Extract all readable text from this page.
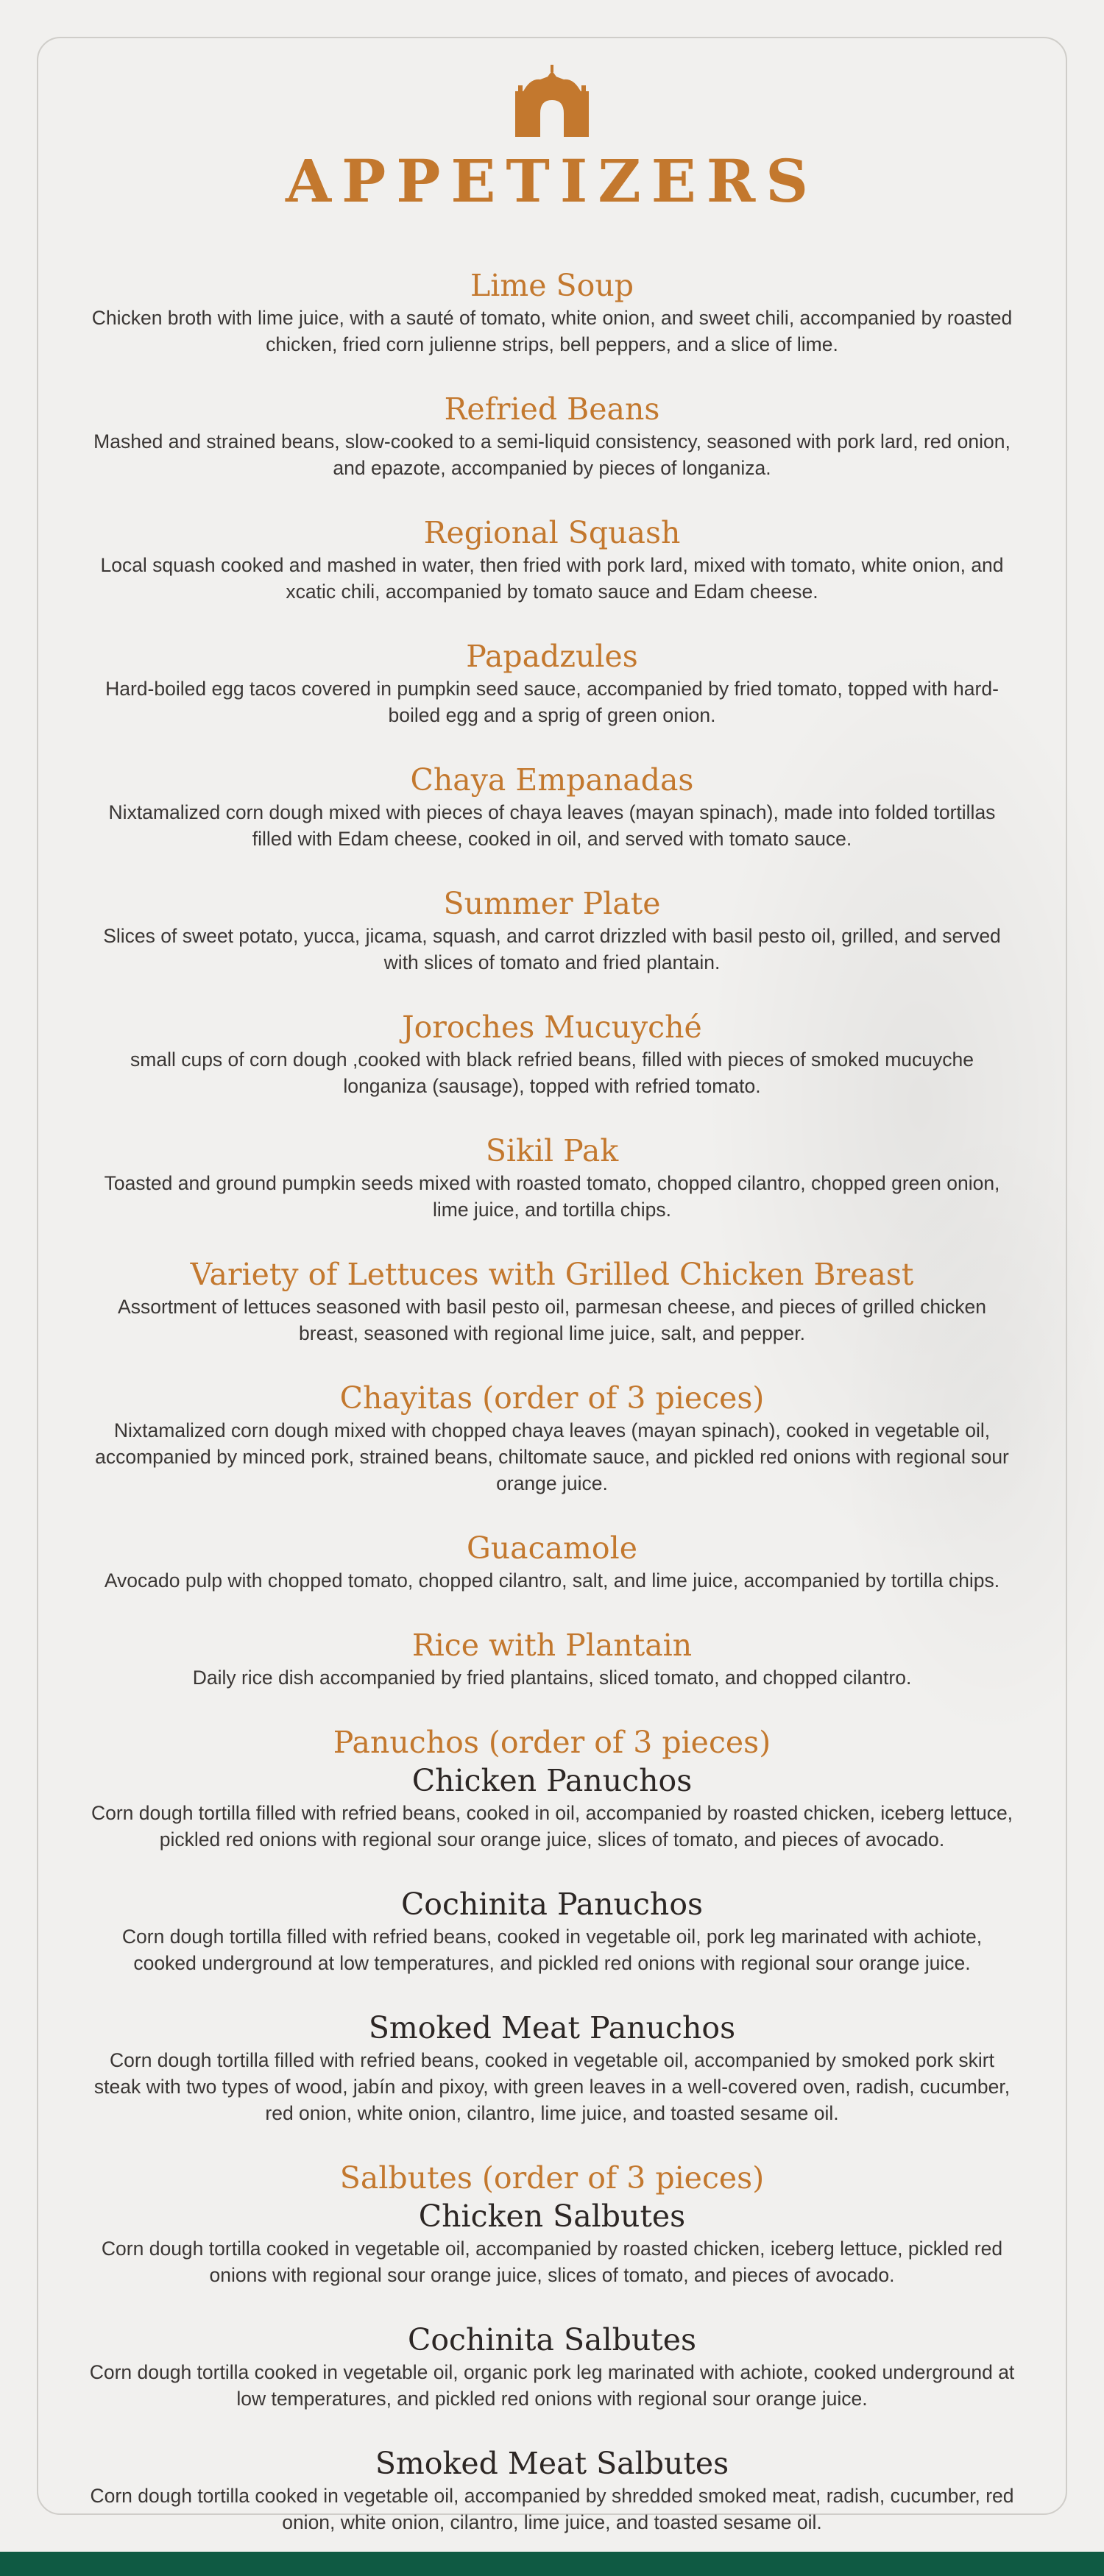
APPETIZERS

Lime Soup

Chicken broth with lime juice, with a sauté of tomato, white onion, and sweet chili, accompanied by roasted chicken, fried corn julienne strips, bell peppers, and a slice of lime.

Refried Beans

Mashed and strained beans, slow-cooked to a semi-liquid consistency, seasoned with pork lard, red onion, and epazote, accompanied by pieces of longaniza.

Regional Squash

Local squash cooked and mashed in water, then fried with pork lard, mixed with tomato, white onion, and xcatic chili, accompanied by tomato sauce and Edam cheese.

Papadzules

Hard-boiled egg tacos covered in pumpkin seed sauce, accompanied by fried tomato, topped with hard-boiled egg and a sprig of green onion.

Chaya Empanadas

Nixtamalized corn dough mixed with pieces of chaya leaves (mayan spinach), made into folded tortillas filled with Edam cheese, cooked in oil, and served with tomato sauce.

Summer Plate

Slices of sweet potato, yucca, jicama, squash, and carrot drizzled with basil pesto oil, grilled, and served with slices of tomato and fried plantain.

Joroches Mucuyché

small cups of corn dough ,cooked with black refried beans, filled with pieces of smoked mucuyche longaniza (sausage), topped with refried tomato.

Sikil Pak

Toasted and ground pumpkin seeds mixed with roasted tomato, chopped cilantro, chopped green onion, lime juice, and tortilla chips.

Variety of Lettuces with Grilled Chicken Breast

Assortment of lettuces seasoned with basil pesto oil, parmesan cheese, and pieces of grilled chicken breast, seasoned with regional lime juice, salt, and pepper.

Chayitas (order of 3 pieces)

Nixtamalized corn dough mixed with chopped chaya leaves (mayan spinach), cooked in vegetable oil, accompanied by minced pork, strained beans, chiltomate sauce, and pickled red onions with regional sour orange juice.

Guacamole

Avocado pulp with chopped tomato, chopped cilantro, salt, and lime juice, accompanied by tortilla chips.

Rice with Plantain

Daily rice dish accompanied by fried plantains, sliced tomato, and chopped cilantro.

Panuchos (order of 3 pieces)

Chicken Panuchos

Corn dough tortilla filled with refried beans, cooked in oil, accompanied by roasted chicken, iceberg lettuce, pickled red onions with regional sour orange juice, slices of tomato, and pieces of avocado.

Cochinita Panuchos

Corn dough tortilla filled with refried beans, cooked in vegetable oil, pork leg marinated with achiote, cooked underground at low temperatures, and pickled red onions with regional sour orange juice.

Smoked Meat Panuchos

Corn dough tortilla filled with refried beans, cooked in vegetable oil, accompanied by smoked pork skirt steak with two types of wood, jabín and pixoy, with green leaves in a well-covered oven, radish, cucumber, red onion, white onion, cilantro, lime juice, and toasted sesame oil.

Salbutes (order of 3 pieces)

Chicken Salbutes

Corn dough tortilla cooked in vegetable oil, accompanied by roasted chicken, iceberg lettuce, pickled red onions with regional sour orange juice, slices of tomato, and pieces of avocado.

Cochinita Salbutes

Corn dough tortilla cooked in vegetable oil, organic pork leg marinated with achiote, cooked underground at low temperatures, and pickled red onions with regional sour orange juice.

Smoked Meat Salbutes

Corn dough tortilla cooked in vegetable oil, accompanied by shredded smoked meat, radish, cucumber, red onion, white onion, cilantro, lime juice, and toasted sesame oil.
